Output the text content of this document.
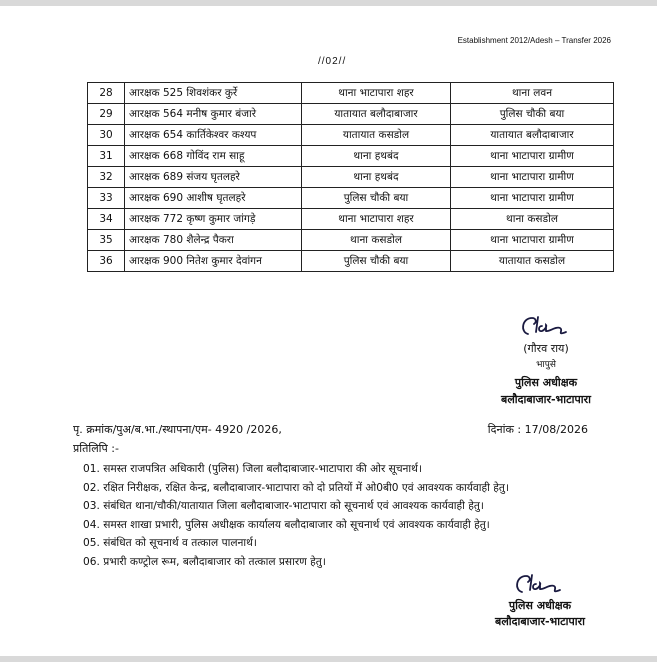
Establishment 2012/Adesh – Transfer 2026
//02//
28	आरक्षक 525 शिवशंकर कुर्रे	थाना भाटापारा शहर	थाना लवन
29	आरक्षक 564 मनीष कुमार बंजारे	यातायात बलौदाबाजार	पुलिस चौकी बया
30	आरक्षक 654 कार्तिकेश्वर कश्यप	यातायात कसडोल	यातायात बलौदाबाजार
31	आरक्षक 668 गोविंद राम साहू	थाना हथबंद	थाना भाटापारा ग्रामीण
32	आरक्षक 689 संजय घृतलहरे	थाना हथबंद	थाना भाटापारा ग्रामीण
33	आरक्षक 690 आशीष घृतलहरे	पुलिस चौकी बया	थाना भाटापारा ग्रामीण
34	आरक्षक 772 कृष्ण कुमार जांगड़े	थाना भाटापारा शहर	थाना कसडोल
35	आरक्षक 780 शैलेन्द्र पैकरा	थाना कसडोल	थाना भाटापारा ग्रामीण
36	आरक्षक 900 नितेश कुमार देवांगन	पुलिस चौकी बया	यातायात कसडोल
(गौरव राय)
भापुसे
पुलिस अधीक्षक
बलौदाबाजार-भाटापारा
पृ. क्रमांक/पुअ/ब.भा./स्थापना/एम- 4920 /2026,	दिनांक : 17/08/2026
प्रतिलिपि :-
01. समस्त राजपत्रित अधिकारी (पुलिस) जिला बलौदाबाजार-भाटापारा की ओर सूचनार्थ।
02. रक्षित निरीक्षक, रक्षित केन्द्र, बलौदाबाजार-भाटापारा को दो प्रतियों में ओ0बी0 एवं आवश्यक कार्यवाही हेतु।
03. संबंधित थाना/चौकी/यातायात जिला बलौदाबाजार-भाटापारा को सूचनार्थ एवं आवश्यक कार्यवाही हेतु।
04. समस्त शाखा प्रभारी, पुलिस अधीक्षक कार्यालय बलौदाबाजार को सूचनार्थ एवं आवश्यक कार्यवाही हेतु।
05. संबंधित को सूचनार्थ व तत्काल पालनार्थ।
06. प्रभारी कण्ट्रोल रूम, बलौदाबाजार को तत्काल प्रसारण हेतु।
पुलिस अधीक्षक
बलौदाबाजार-भाटापारा
